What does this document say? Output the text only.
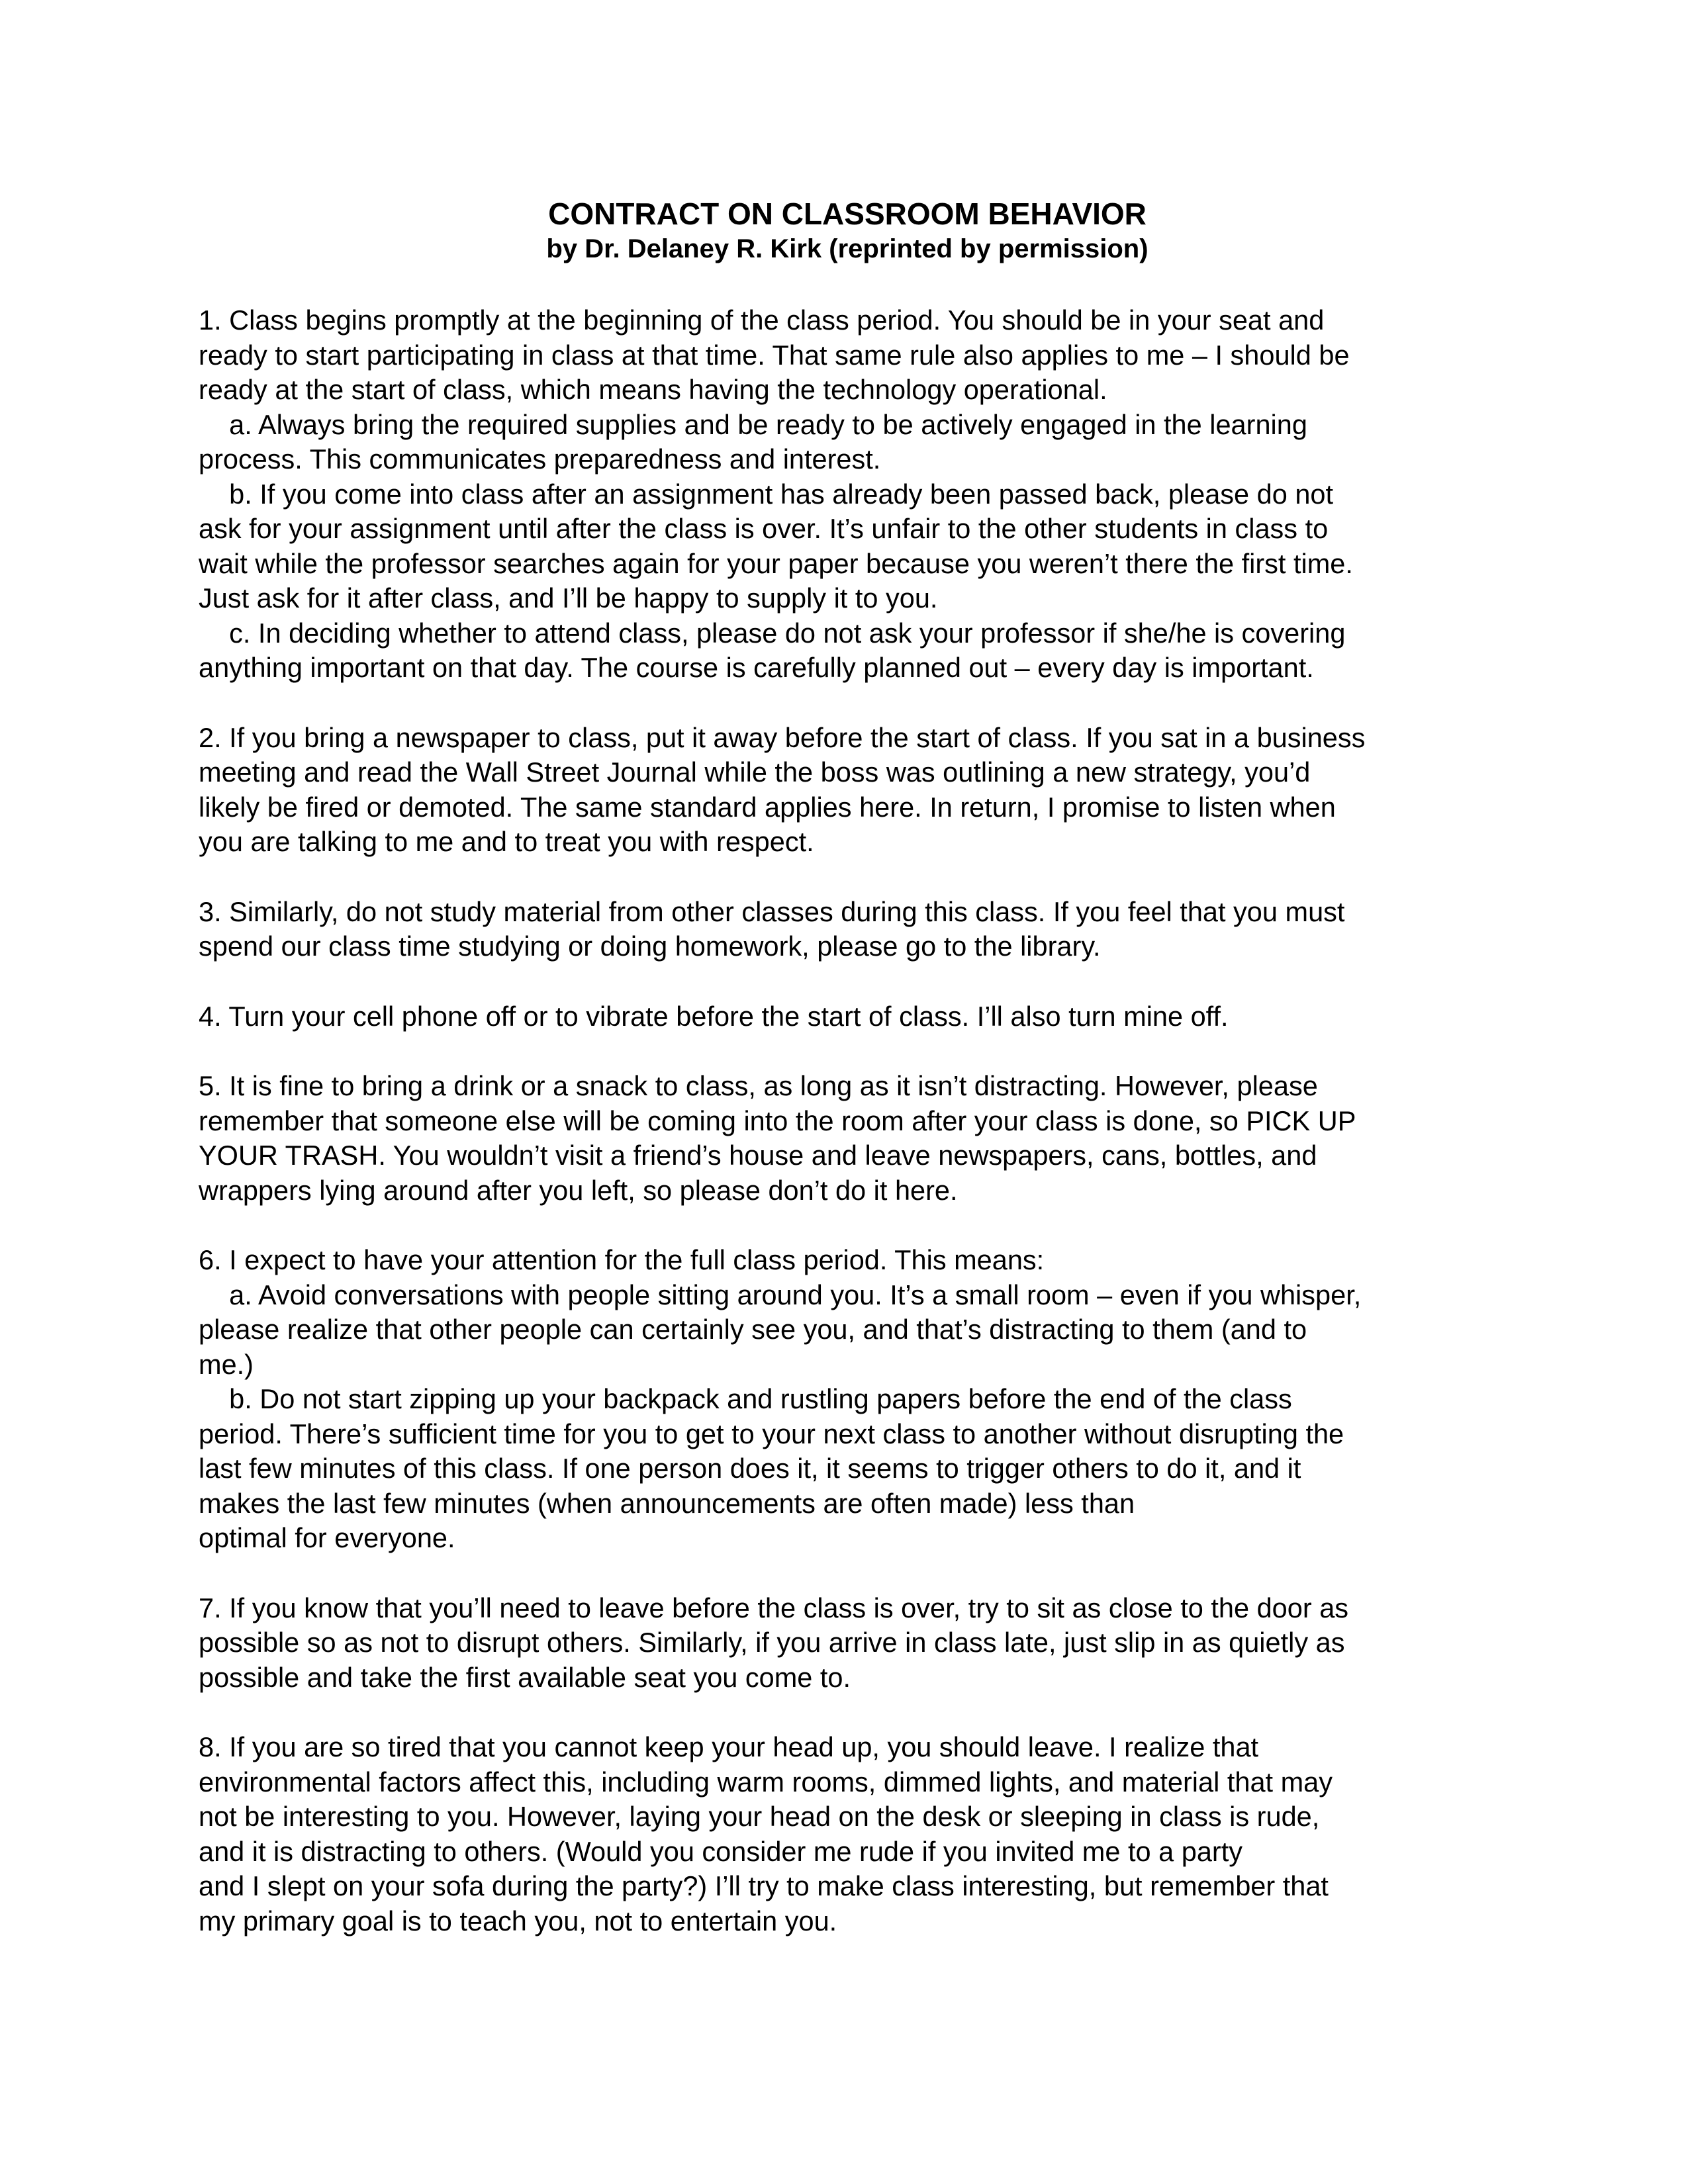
CONTRACT ON CLASSROOM BEHAVIOR
by Dr. Delaney R. Kirk (reprinted by permission)

1. Class begins promptly at the beginning of the class period. You should be in your seat and

ready to start participating in class at that time. That same rule also applies to me – I should be

ready at the start of class, which means having the technology operational.

a. Always bring the required supplies and be ready to be actively engaged in the learning

process. This communicates preparedness and interest.

b. If you come into class after an assignment has already been passed back, please do not

ask for your assignment until after the class is over. It’s unfair to the other students in class to

wait while the professor searches again for your paper because you weren’t there the first time.

Just ask for it after class, and I’ll be happy to supply it to you.

c. In deciding whether to attend class, please do not ask your professor if she/he is covering

anything important on that day. The course is carefully planned out – every day is important.

2. If you bring a newspaper to class, put it away before the start of class. If you sat in a business

meeting and read the Wall Street Journal while the boss was outlining a new strategy, you’d

likely be fired or demoted. The same standard applies here. In return, I promise to listen when

you are talking to me and to treat you with respect.

3. Similarly, do not study material from other classes during this class. If you feel that you must

spend our class time studying or doing homework, please go to the library.

4. Turn your cell phone off or to vibrate before the start of class. I’ll also turn mine off.

5. It is fine to bring a drink or a snack to class, as long as it isn’t distracting. However, please

remember that someone else will be coming into the room after your class is done, so PICK UP

YOUR TRASH. You wouldn’t visit a friend’s house and leave newspapers, cans, bottles, and

wrappers lying around after you left, so please don’t do it here.

6. I expect to have your attention for the full class period. This means:

a. Avoid conversations with people sitting around you. It’s a small room – even if you whisper,

please realize that other people can certainly see you, and that’s distracting to them (and to

me.)

b. Do not start zipping up your backpack and rustling papers before the end of the class

period. There’s sufficient time for you to get to your next class to another without disrupting the

last few minutes of this class. If one person does it, it seems to trigger others to do it, and it

makes the last few minutes (when announcements are often made) less than

optimal for everyone.

7. If you know that you’ll need to leave before the class is over, try to sit as close to the door as

possible so as not to disrupt others. Similarly, if you arrive in class late, just slip in as quietly as

possible and take the first available seat you come to.

8. If you are so tired that you cannot keep your head up, you should leave. I realize that

environmental factors affect this, including warm rooms, dimmed lights, and material that may

not be interesting to you. However, laying your head on the desk or sleeping in class is rude,

and it is distracting to others. (Would you consider me rude if you invited me to a party

and I slept on your sofa during the party?) I’ll try to make class interesting, but remember that

my primary goal is to teach you, not to entertain you.
